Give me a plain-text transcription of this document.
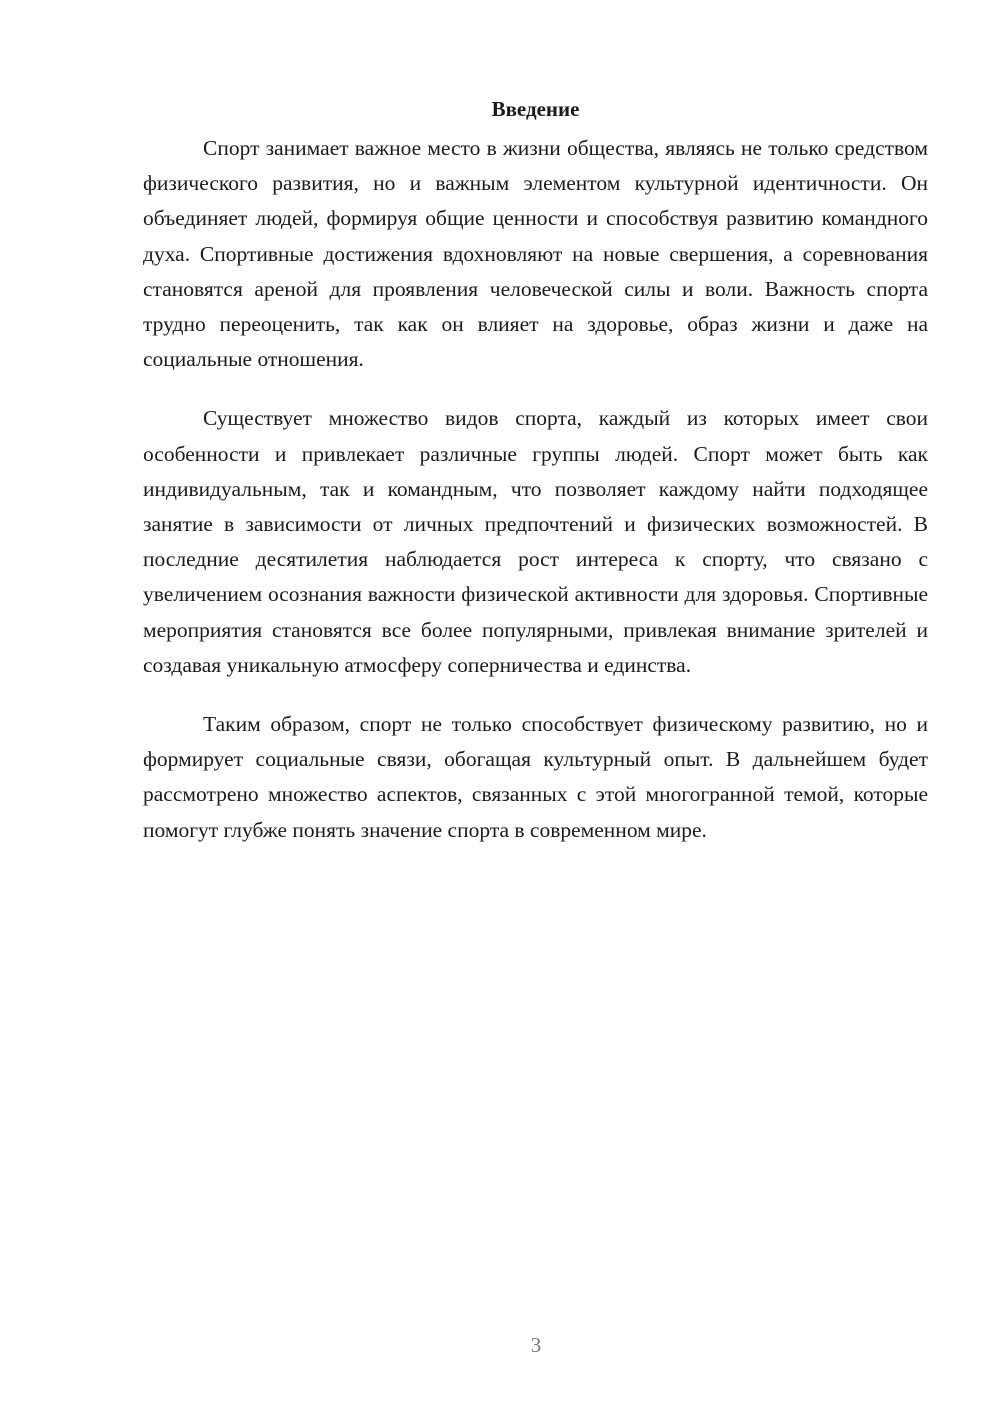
Введение

Спорт занимает важное место в жизни общества, являясь не только средством физического развития, но и важным элементом культурной идентичности. Он объединяет людей, формируя общие ценности и способствуя развитию командного духа. Спортивные достижения вдохновляют на новые свершения, а соревнования становятся ареной для проявления человеческой силы и воли. Важность спорта трудно переоценить, так как он влияет на здоровье, образ жизни и даже на социальные отношения.

Существует множество видов спорта, каждый из которых имеет свои особенности и привлекает различные группы людей. Спорт может быть как индивидуальным, так и командным, что позволяет каждому найти подходящее занятие в зависимости от личных предпочтений и физических возможностей. В последние десятилетия наблюдается рост интереса к спорту, что связано с увеличением осознания важности физической активности для здоровья. Спортивные мероприятия становятся все более популярными, привлекая внимание зрителей и создавая уникальную атмосферу соперничества и единства.

Таким образом, спорт не только способствует физическому развитию, но и формирует социальные связи, обогащая культурный опыт. В дальнейшем будет рассмотрено множество аспектов, связанных с этой многогранной темой, которые помогут глубже понять значение спорта в современном мире.

3
